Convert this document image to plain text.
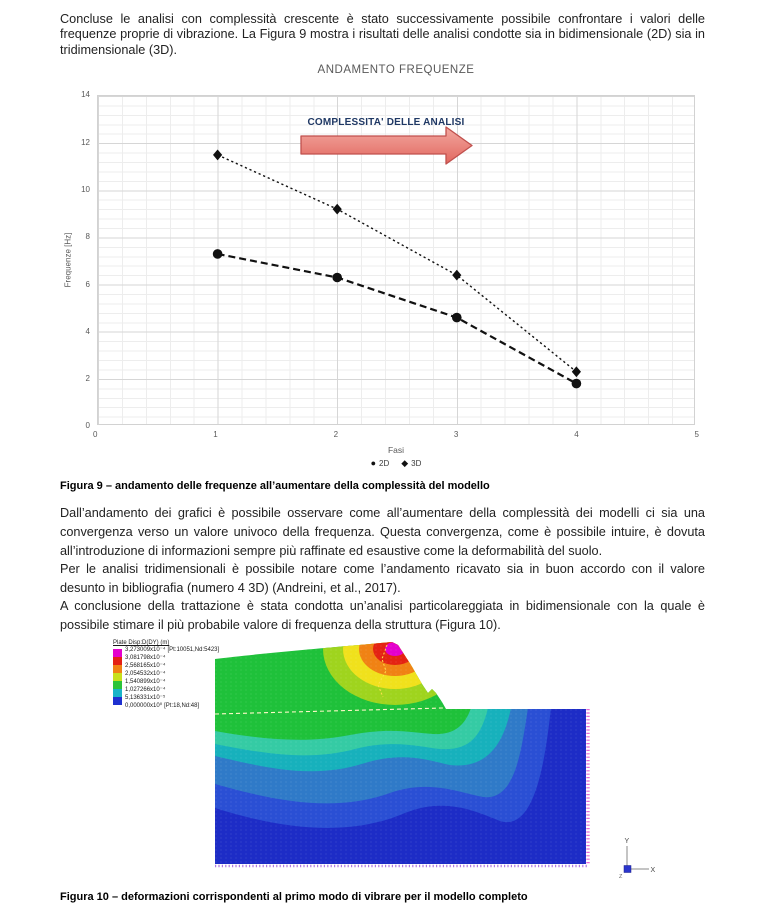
Concluse le analisi con complessità crescente è stato successivamente possibile confrontare i valori delle frequenze proprie di vibrazione. La Figura 9 mostra i risultati delle analisi condotte sia in bidimensionale (2D) sia in tridimensionale (3D).

ANDAMENTO FREQUENZE
14
12
10
8
6
4
2
0
Frequenze [Hz]
COMPLESSITA' DELLE ANALISI
0	1	2	3	4	5
Fasi
● 2D ◆ 3D

Figura 9 – andamento delle frequenze all’aumentare della complessità del modello

Dall’andamento dei grafici è possibile osservare come all’aumentare della complessità dei modelli ci sia una convergenza verso un valore univoco della frequenza. Questa convergenza, come è possibile intuire, è dovuta all’introduzione di informazioni sempre più raffinate ed esaustive come la deformabilità del suolo.

Per le analisi tridimensionali è possibile notare come l’andamento ricavato sia in buon accordo con il valore desunto in bibliografia (numero 4 3D) (Andreini, et al., 2017).

A conclusione della trattazione è stata condotta un’analisi particolareggiata in bidimensionale con la quale è possibile stimare il più probabile valore di frequenza della struttura (Figura 10).

Plate Disp:D(DY) (m)
3,273009x10⁻⁴ [Pt:10051,Nd:5423]
3,081798x10⁻⁴
2,568165x10⁻⁴
2,054532x10⁻⁴
1,540899x10⁻⁴
1,027266x10⁻⁴
5,136331x10⁻⁵
0,000000x10⁰ [Pt:18,Nd:48]
Y
X
Z

Figura 10 – deformazioni corrispondenti al primo modo di vibrare per il modello completo
